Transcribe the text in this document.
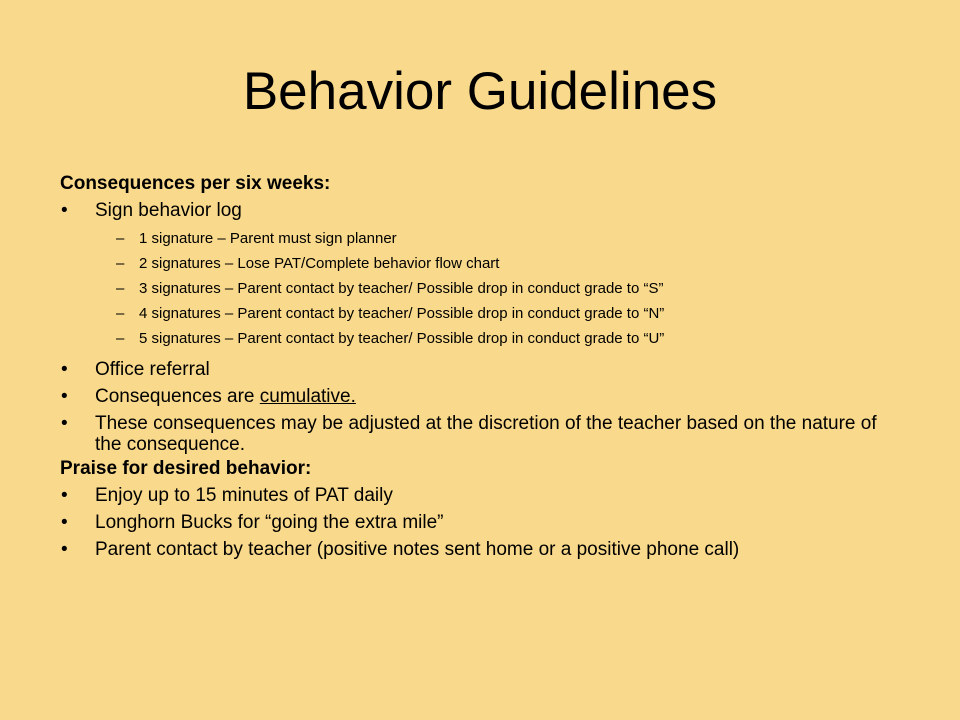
Behavior Guidelines

Consequences per six weeks:

• Sign behavior log
– 1 signature – Parent must sign planner
– 2 signatures – Lose PAT/Complete behavior flow chart
– 3 signatures – Parent contact by teacher/ Possible drop in conduct grade to “S”
– 4 signatures – Parent contact by teacher/ Possible drop in conduct grade to “N”
– 5 signatures – Parent contact by teacher/ Possible drop in conduct grade to “U”
• Office referral
• Consequences are cumulative.
• These consequences may be adjusted at the discretion of the teacher based on the nature of the consequence.

Praise for desired behavior:

• Enjoy up to 15 minutes of PAT daily
• Longhorn Bucks for “going the extra mile”
• Parent contact by teacher (positive notes sent home or a positive phone call)
